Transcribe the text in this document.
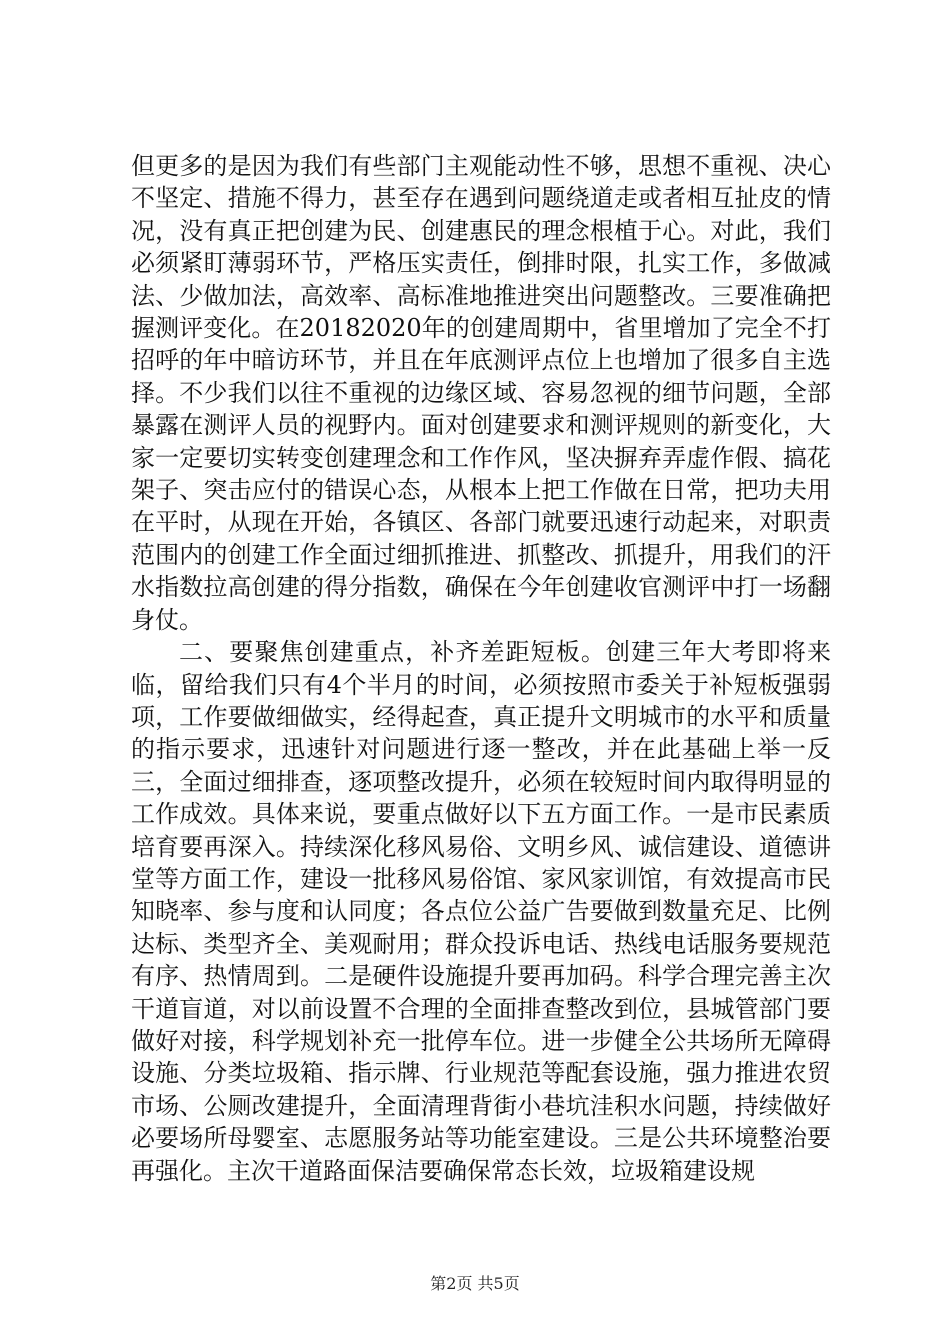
但更多的是因为我们有些部门主观能动性不够，思想不重视、决心不坚定、措施不得力，甚至存在遇到问题绕道走或者相互扯皮的情况，没有真正把创建为民、创建惠民的理念根植于心。对此，我们必须紧盯薄弱环节，严格压实责任，倒排时限，扎实工作，多做减法、少做加法，高效率、高标准地推进突出问题整改。三要准确把握测评变化。在20182020年的创建周期中，省里增加了完全不打招呼的年中暗访环节，并且在年底测评点位上也增加了很多自主选择。不少我们以往不重视的边缘区域、容易忽视的细节问题，全部暴露在测评人员的视野内。面对创建要求和测评规则的新变化，大家一定要切实转变创建理念和工作作风，坚决摒弃弄虚作假、搞花架子、突击应付的错误心态，从根本上把工作做在日常，把功夫用在平时，从现在开始，各镇区、各部门就要迅速行动起来，对职责范围内的创建工作全面过细抓推进、抓整改、抓提升，用我们的汗水指数拉高创建的得分指数，确保在今年创建收官测评中打一场翻身仗。

二、要聚焦创建重点，补齐差距短板。创建三年大考即将来临，留给我们只有4个半月的时间，必须按照市委关于补短板强弱项，工作要做细做实，经得起查，真正提升文明城市的水平和质量的指示要求，迅速针对问题进行逐一整改，并在此基础上举一反三，全面过细排查，逐项整改提升，必须在较短时间内取得明显的工作成效。具体来说，要重点做好以下五方面工作。一是市民素质培育要再深入。持续深化移风易俗、文明乡风、诚信建设、道德讲堂等方面工作，建设一批移风易俗馆、家风家训馆，有效提高市民知晓率、参与度和认同度；各点位公益广告要做到数量充足、比例达标、类型齐全、美观耐用；群众投诉电话、热线电话服务要规范有序、热情周到。二是硬件设施提升要再加码。科学合理完善主次干道盲道，对以前设置不合理的全面排查整改到位，县城管部门要做好对接，科学规划补充一批停车位。进一步健全公共场所无障碍设施、分类垃圾箱、指示牌、行业规范等配套设施，强力推进农贸市场、公厕改建提升，全面清理背街小巷坑洼积水问题，持续做好必要场所母婴室、志愿服务站等功能室建设。三是公共环境整治要再强化。主次干道路面保洁要确保常态长效，垃圾箱建设规

第2页 共5页
